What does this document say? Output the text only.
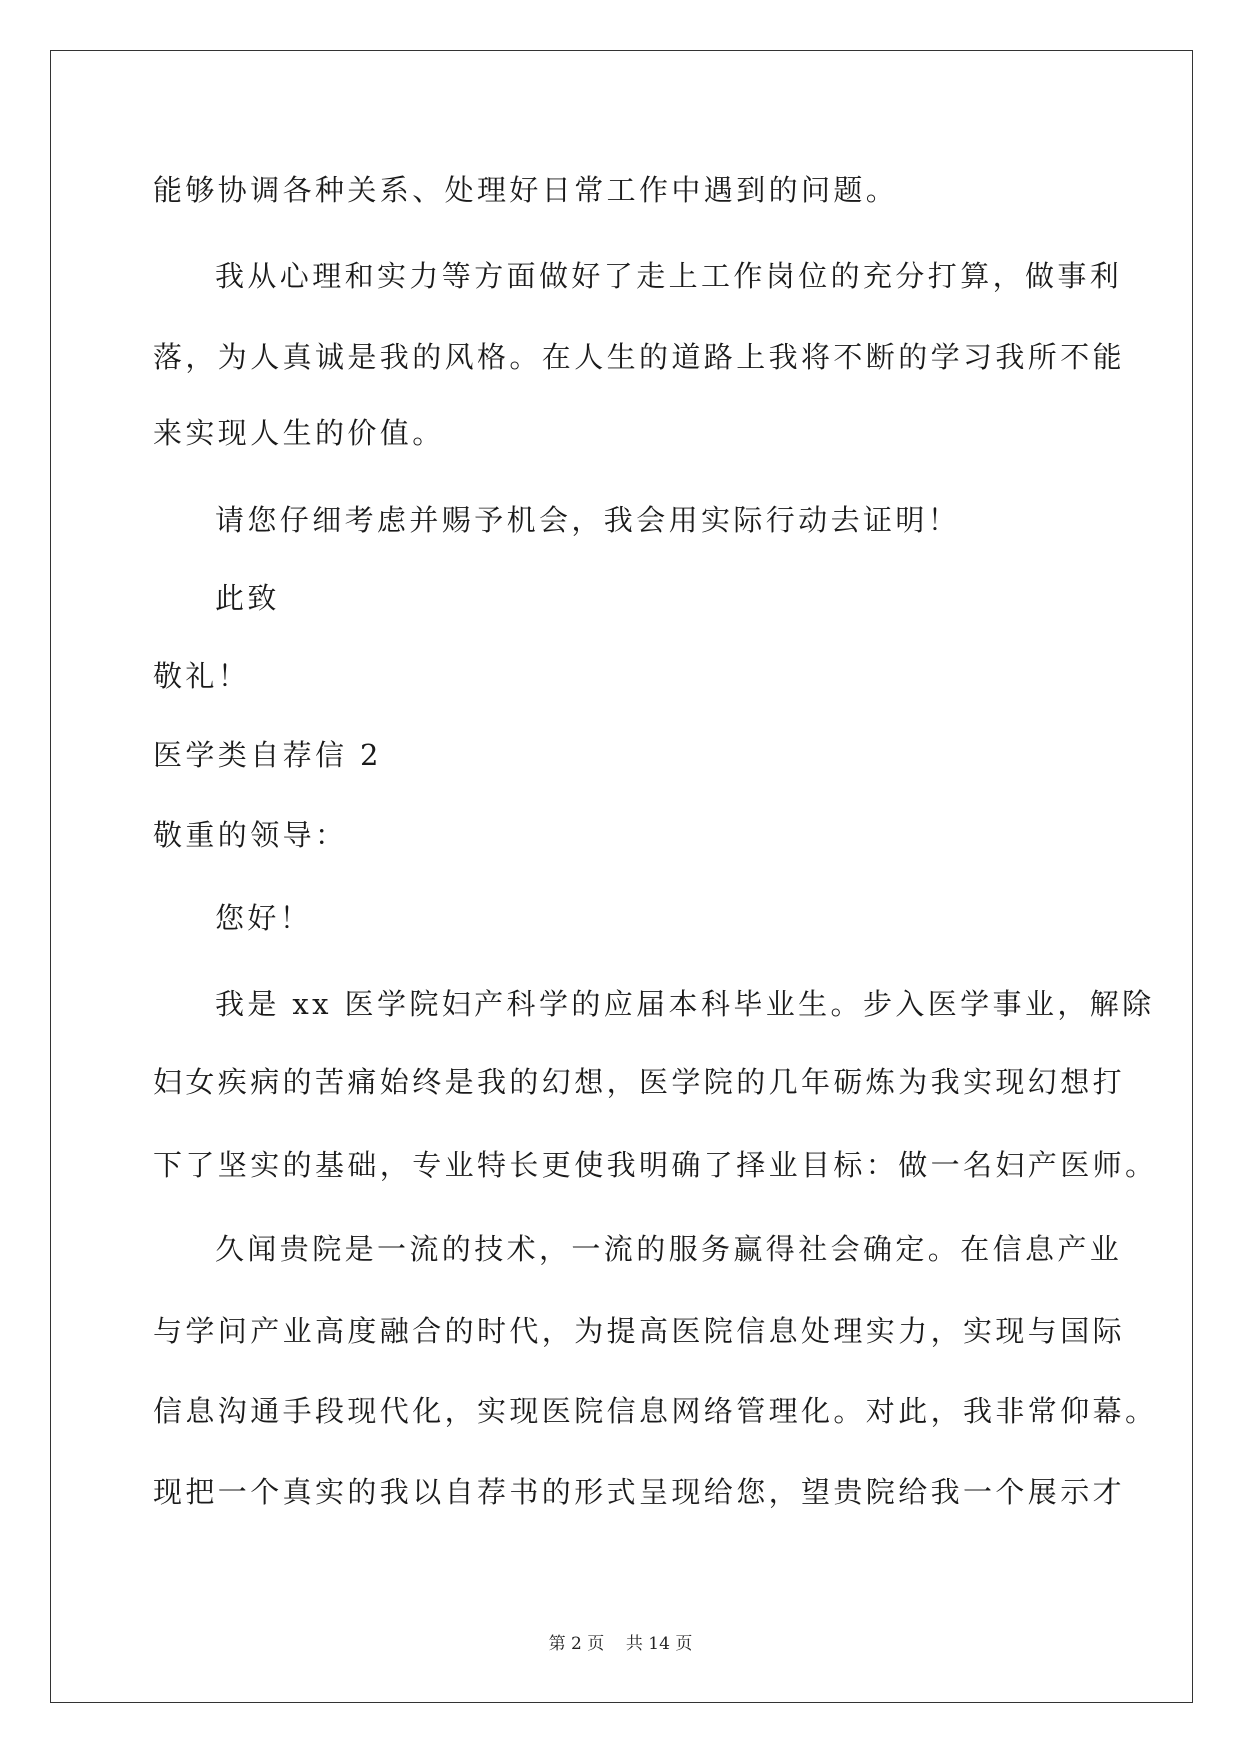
能够协调各种关系、处理好日常工作中遇到的问题。
我从心理和实力等方面做好了走上工作岗位的充分打算，做事利
落，为人真诚是我的风格。在人生的道路上我将不断的学习我所不能
来实现人生的价值。
请您仔细考虑并赐予机会，我会用实际行动去证明！
此致
敬礼！
医学类自荐信 2
敬重的领导：
您好！
我是 xx 医学院妇产科学的应届本科毕业生。步入医学事业，解除
妇女疾病的苦痛始终是我的幻想，医学院的几年砺炼为我实现幻想打
下了坚实的基础，专业特长更使我明确了择业目标：做一名妇产医师。
久闻贵院是一流的技术，一流的服务赢得社会确定。在信息产业
与学问产业高度融合的时代，为提高医院信息处理实力，实现与国际
信息沟通手段现代化，实现医院信息网络管理化。对此，我非常仰幕。
现把一个真实的我以自荐书的形式呈现给您，望贵院给我一个展示才
第 2 页 共 14 页
